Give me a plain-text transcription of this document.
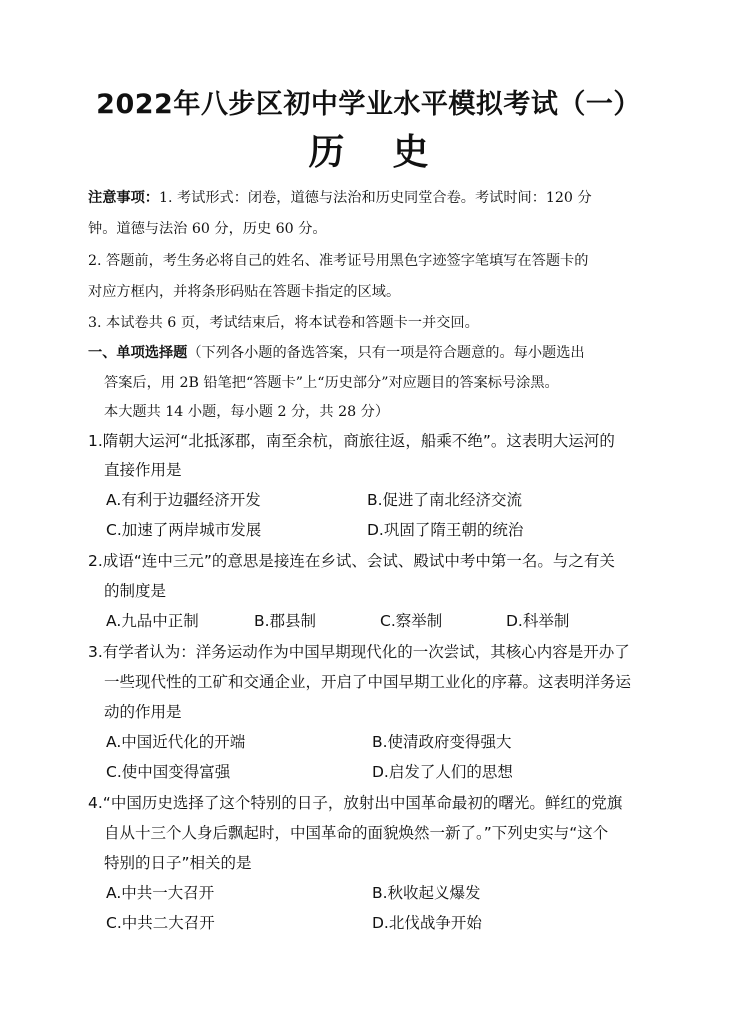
2022年八步区初中学业水平模拟考试（一）
历 史
注意事项：1. 考试形式：闭卷，道德与法治和历史同堂合卷。考试时间：120 分
钟。道德与法治 60 分，历史 60 分。
2. 答题前，考生务必将自己的姓名、准考证号用黑色字迹签字笔填写在答题卡的
对应方框内，并将条形码贴在答题卡指定的区域。
3. 本试卷共 6 页，考试结束后，将本试卷和答题卡一并交回。
一、单项选择题（下列各小题的备选答案，只有一项是符合题意的。每小题选出
答案后，用 2B 铅笔把“答题卡”上“历史部分”对应题目的答案标号涂黑。
本大题共 14 小题，每小题 2 分，共 28 分）
1.隋朝大运河“北抵涿郡，南至余杭，商旅往返，船乘不绝”。这表明大运河的
直接作用是
A.有利于边疆经济开发	B.促进了南北经济交流
C.加速了两岸城市发展	D.巩固了隋王朝的统治
2.成语“连中三元”的意思是接连在乡试、会试、殿试中考中第一名。与之有关
的制度是
A.九品中正制	B.郡县制	C.察举制	D.科举制
3.有学者认为：洋务运动作为中国早期现代化的一次尝试，其核心内容是开办了
一些现代性的工矿和交通企业，开启了中国早期工业化的序幕。这表明洋务运
动的作用是
A.中国近代化的开端	B.使清政府变得强大
C.使中国变得富强	D.启发了人们的思想
4.“中国历史选择了这个特别的日子，放射出中国革命最初的曙光。鲜红的党旗
自从十三个人身后飘起时，中国革命的面貌焕然一新了。”下列史实与“这个
特别的日子”相关的是
A.中共一大召开	B.秋收起义爆发
C.中共二大召开	D.北伐战争开始
